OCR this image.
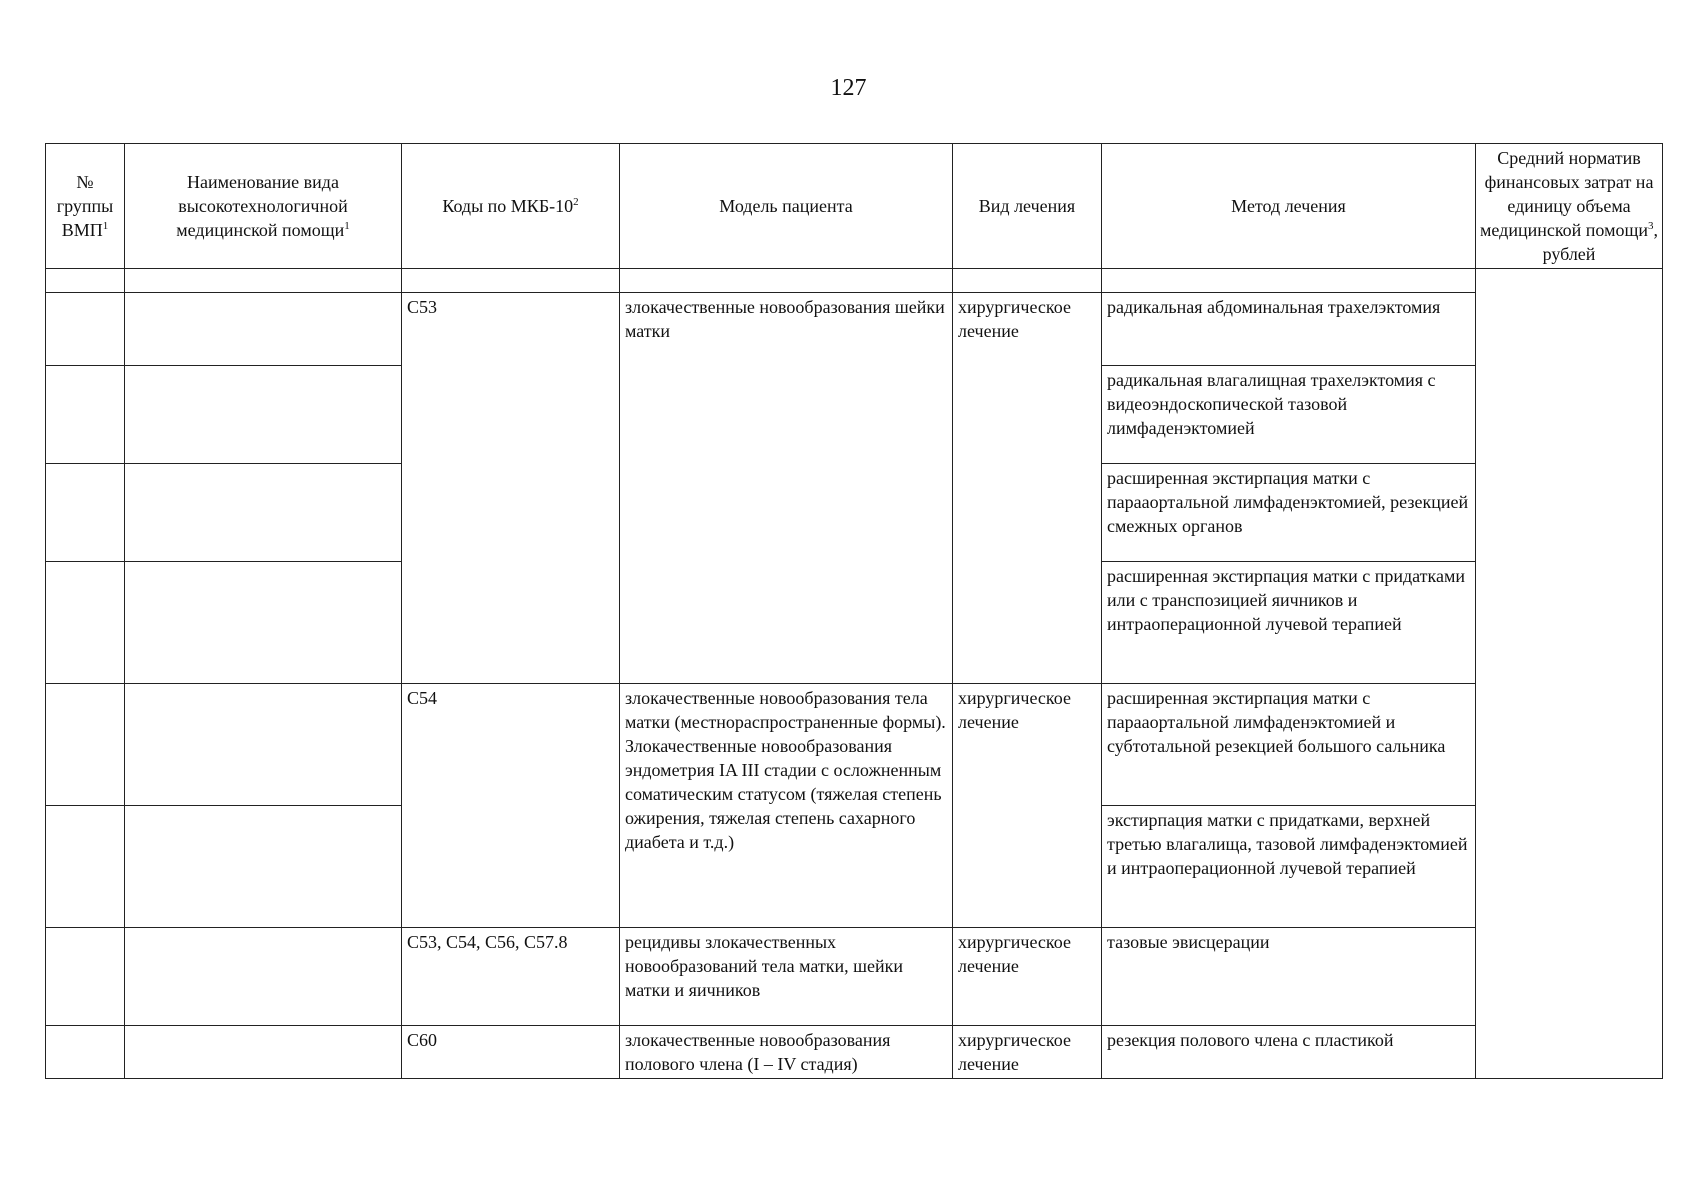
127
№ группы ВМП$^1$	Наименование вида высокотехнологичной медицинской помощи$^1$	Коды по МКБ-$10^2$	Модель пациента	Вид лечения	Метод лечения	Средний норматив финансовых затрат на единицу объема медицинской помощи$^3$, рублей

		C53	злокачественные новообразования шейки матки	хирургическое лечение	радикальная абдоминальная трахелэктомия	
					радикальная влагалищная трахелэктомия с видеоэндоскопической тазовой лимфаденэктомией	
					расширенная экстирпация матки с парааортальной лимфаденэктомией, резекцией смежных органов	
					расширенная экстирпация матки с придатками или с транспозицией яичников и интраоперационной лучевой терапией	
		C54	злокачественные новообразования тела матки (местнораспространенные формы). Злокачественные новообразования эндометрия IA III стадии с осложненным соматическим статусом (тяжелая степень ожирения, тяжелая степень сахарного диабета и т.д.)	хирургическое лечение	расширенная экстирпация матки с парааортальной лимфаденэктомией и субтотальной резекцией большого сальника	
					экстирпация матки с придатками, верхней третью влагалища, тазовой лимфаденэктомией и интраоперационной лучевой терапией	
		C53, C54, C56, C57.8	рецидивы злокачественных новообразований тела матки, шейки матки и яичников	хирургическое лечение	тазовые эвисцерации	
		C60	злокачественные новообразования полового члена (I – IV стадия)	хирургическое лечение	резекция полового члена с пластикой	
